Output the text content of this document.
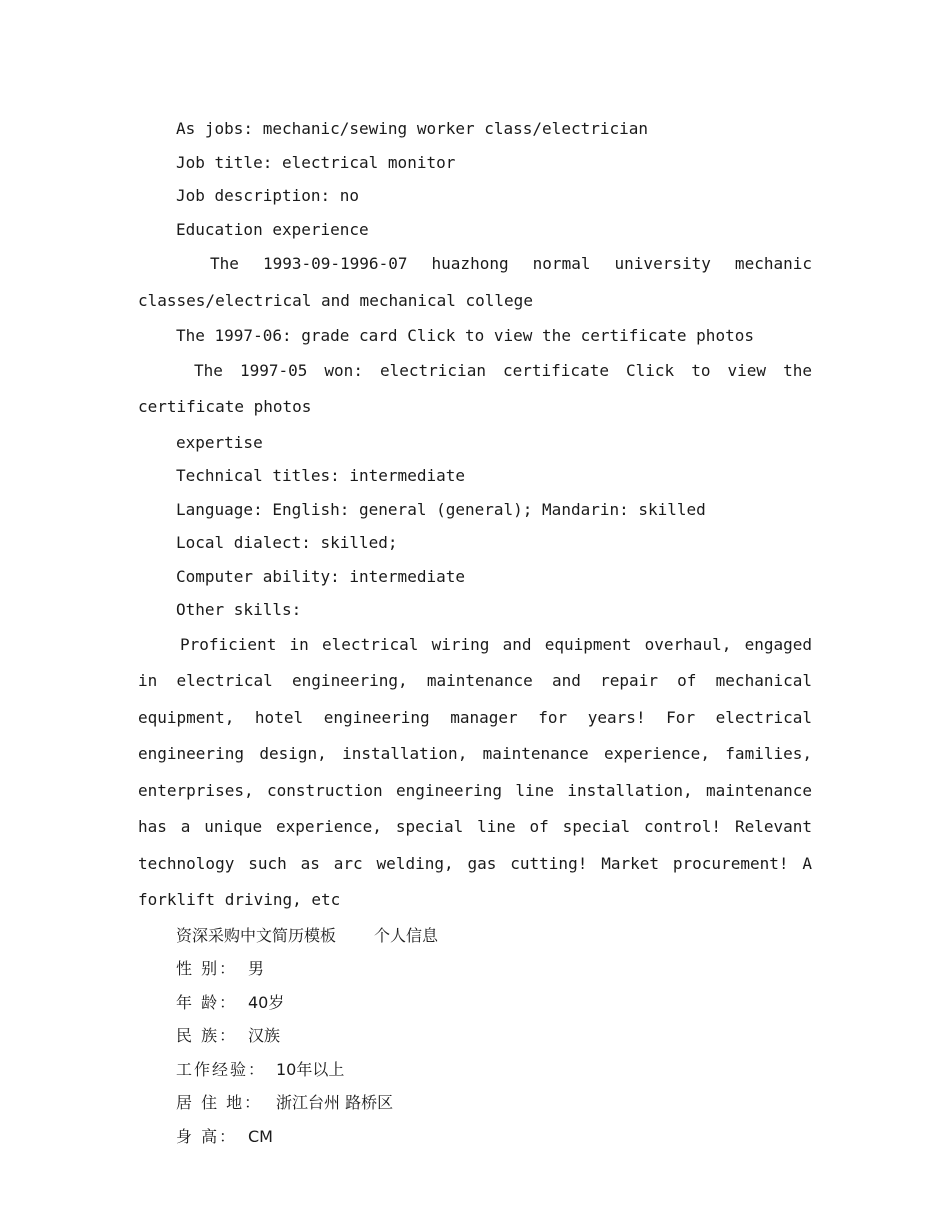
As jobs: mechanic/sewing worker class/electrician

Job title: electrical monitor

Job description: no

Education experience

The 1993-09-1996-07 huazhong normal university mechanic classes/electrical and mechanical college

The 1997-06: grade card Click to view the certificate photos

The 1997-05 won: electrician certificate Click to view the certificate photos

expertise

Technical titles: intermediate

Language: English: general (general); Mandarin: skilled

Local dialect: skilled;

Computer ability: intermediate

Other skills:

Proficient in electrical wiring and equipment overhaul, engaged in electrical engineering, maintenance and repair of mechanical equipment, hotel engineering manager for years! For electrical engineering design, installation, maintenance experience, families, enterprises, construction engineering line installation, maintenance has a unique experience, special line of special control! Relevant technology such as arc welding, gas cutting! Market procurement! A forklift driving, etc

资深采购中文简历模板 个人信息
性 别： 男
年 龄： 40岁
民 族： 汉族
工作经验： 10年以上
居 住 地： 浙江台州 路桥区
身 高： CM
